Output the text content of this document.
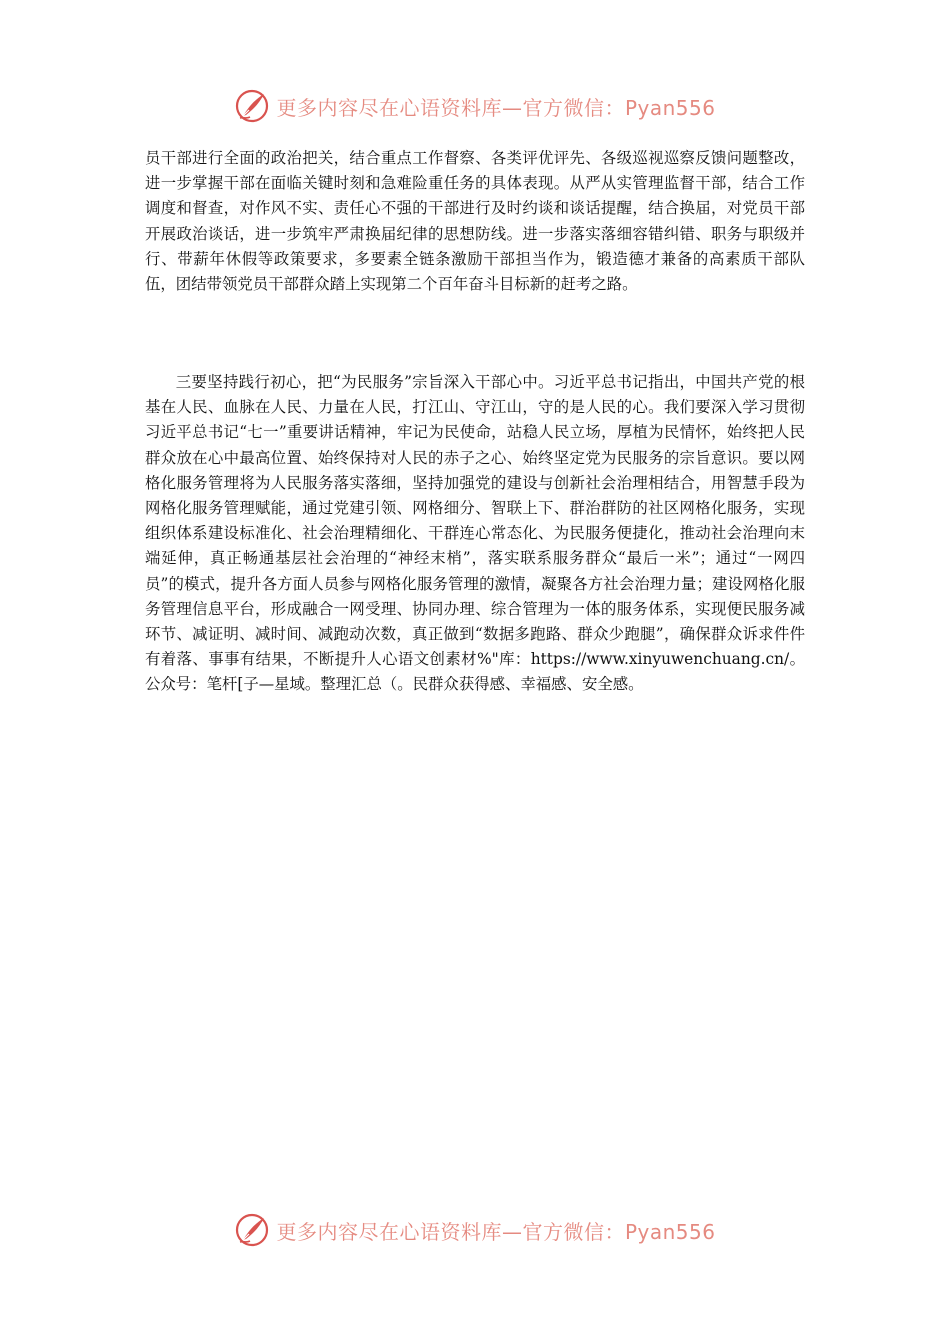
更多内容尽在心语资料库—官方微信：Pyan556

员干部进行全面的政治把关，结合重点工作督察、各类评优评先、各级巡视巡察反馈问题整改，进一步掌握干部在面临关键时刻和急难险重任务的具体表现。从严从实管理监督干部，结合工作调度和督查，对作风不实、责任心不强的干部进行及时约谈和谈话提醒，结合换届，对党员干部开展政治谈话，进一步筑牢严肃换届纪律的思想防线。进一步落实落细容错纠错、职务与职级并行、带薪年休假等政策要求，多要素全链条激励干部担当作为，锻造德才兼备的高素质干部队伍，团结带领党员干部群众踏上实现第二个百年奋斗目标新的赶考之路。

三要坚持践行初心，把“为民服务”宗旨深入干部心中。习近平总书记指出，中国共产党的根基在人民、血脉在人民、力量在人民，打江山、守江山，守的是人民的心。我们要深入学习贯彻习近平总书记“七一”重要讲话精神，牢记为民使命，站稳人民立场，厚植为民情怀，始终把人民群众放在心中最高位置、始终保持对人民的赤子之心、始终坚定党为民服务的宗旨意识。要以网格化服务管理将为人民服务落实落细，坚持加强党的建设与创新社会治理相结合，用智慧手段为网格化服务管理赋能，通过党建引领、网格细分、智联上下、群治群防的社区网格化服务，实现组织体系建设标准化、社会治理精细化、干群连心常态化、为民服务便捷化，推动社会治理向末端延伸，真正畅通基层社会治理的“神经末梢”，落实联系服务群众“最后一米”；通过“一网四员”的模式，提升各方面人员参与网格化服务管理的激情，凝聚各方社会治理力量；建设网格化服务管理信息平台，形成融合一网受理、协同办理、综合管理为一体的服务体系，实现便民服务减环节、减证明、减时间、减跑动次数，真正做到“数据多跑路、群众少跑腿”，确保群众诉求件件有着落、事事有结果，不断提升人心语文创素材%"库：https://www.xinyuwenchuang.cn/。公众号：笔杆[子—星域。整理汇总（。民群众获得感、幸福感、安全感。

更多内容尽在心语资料库—官方微信：Pyan556
